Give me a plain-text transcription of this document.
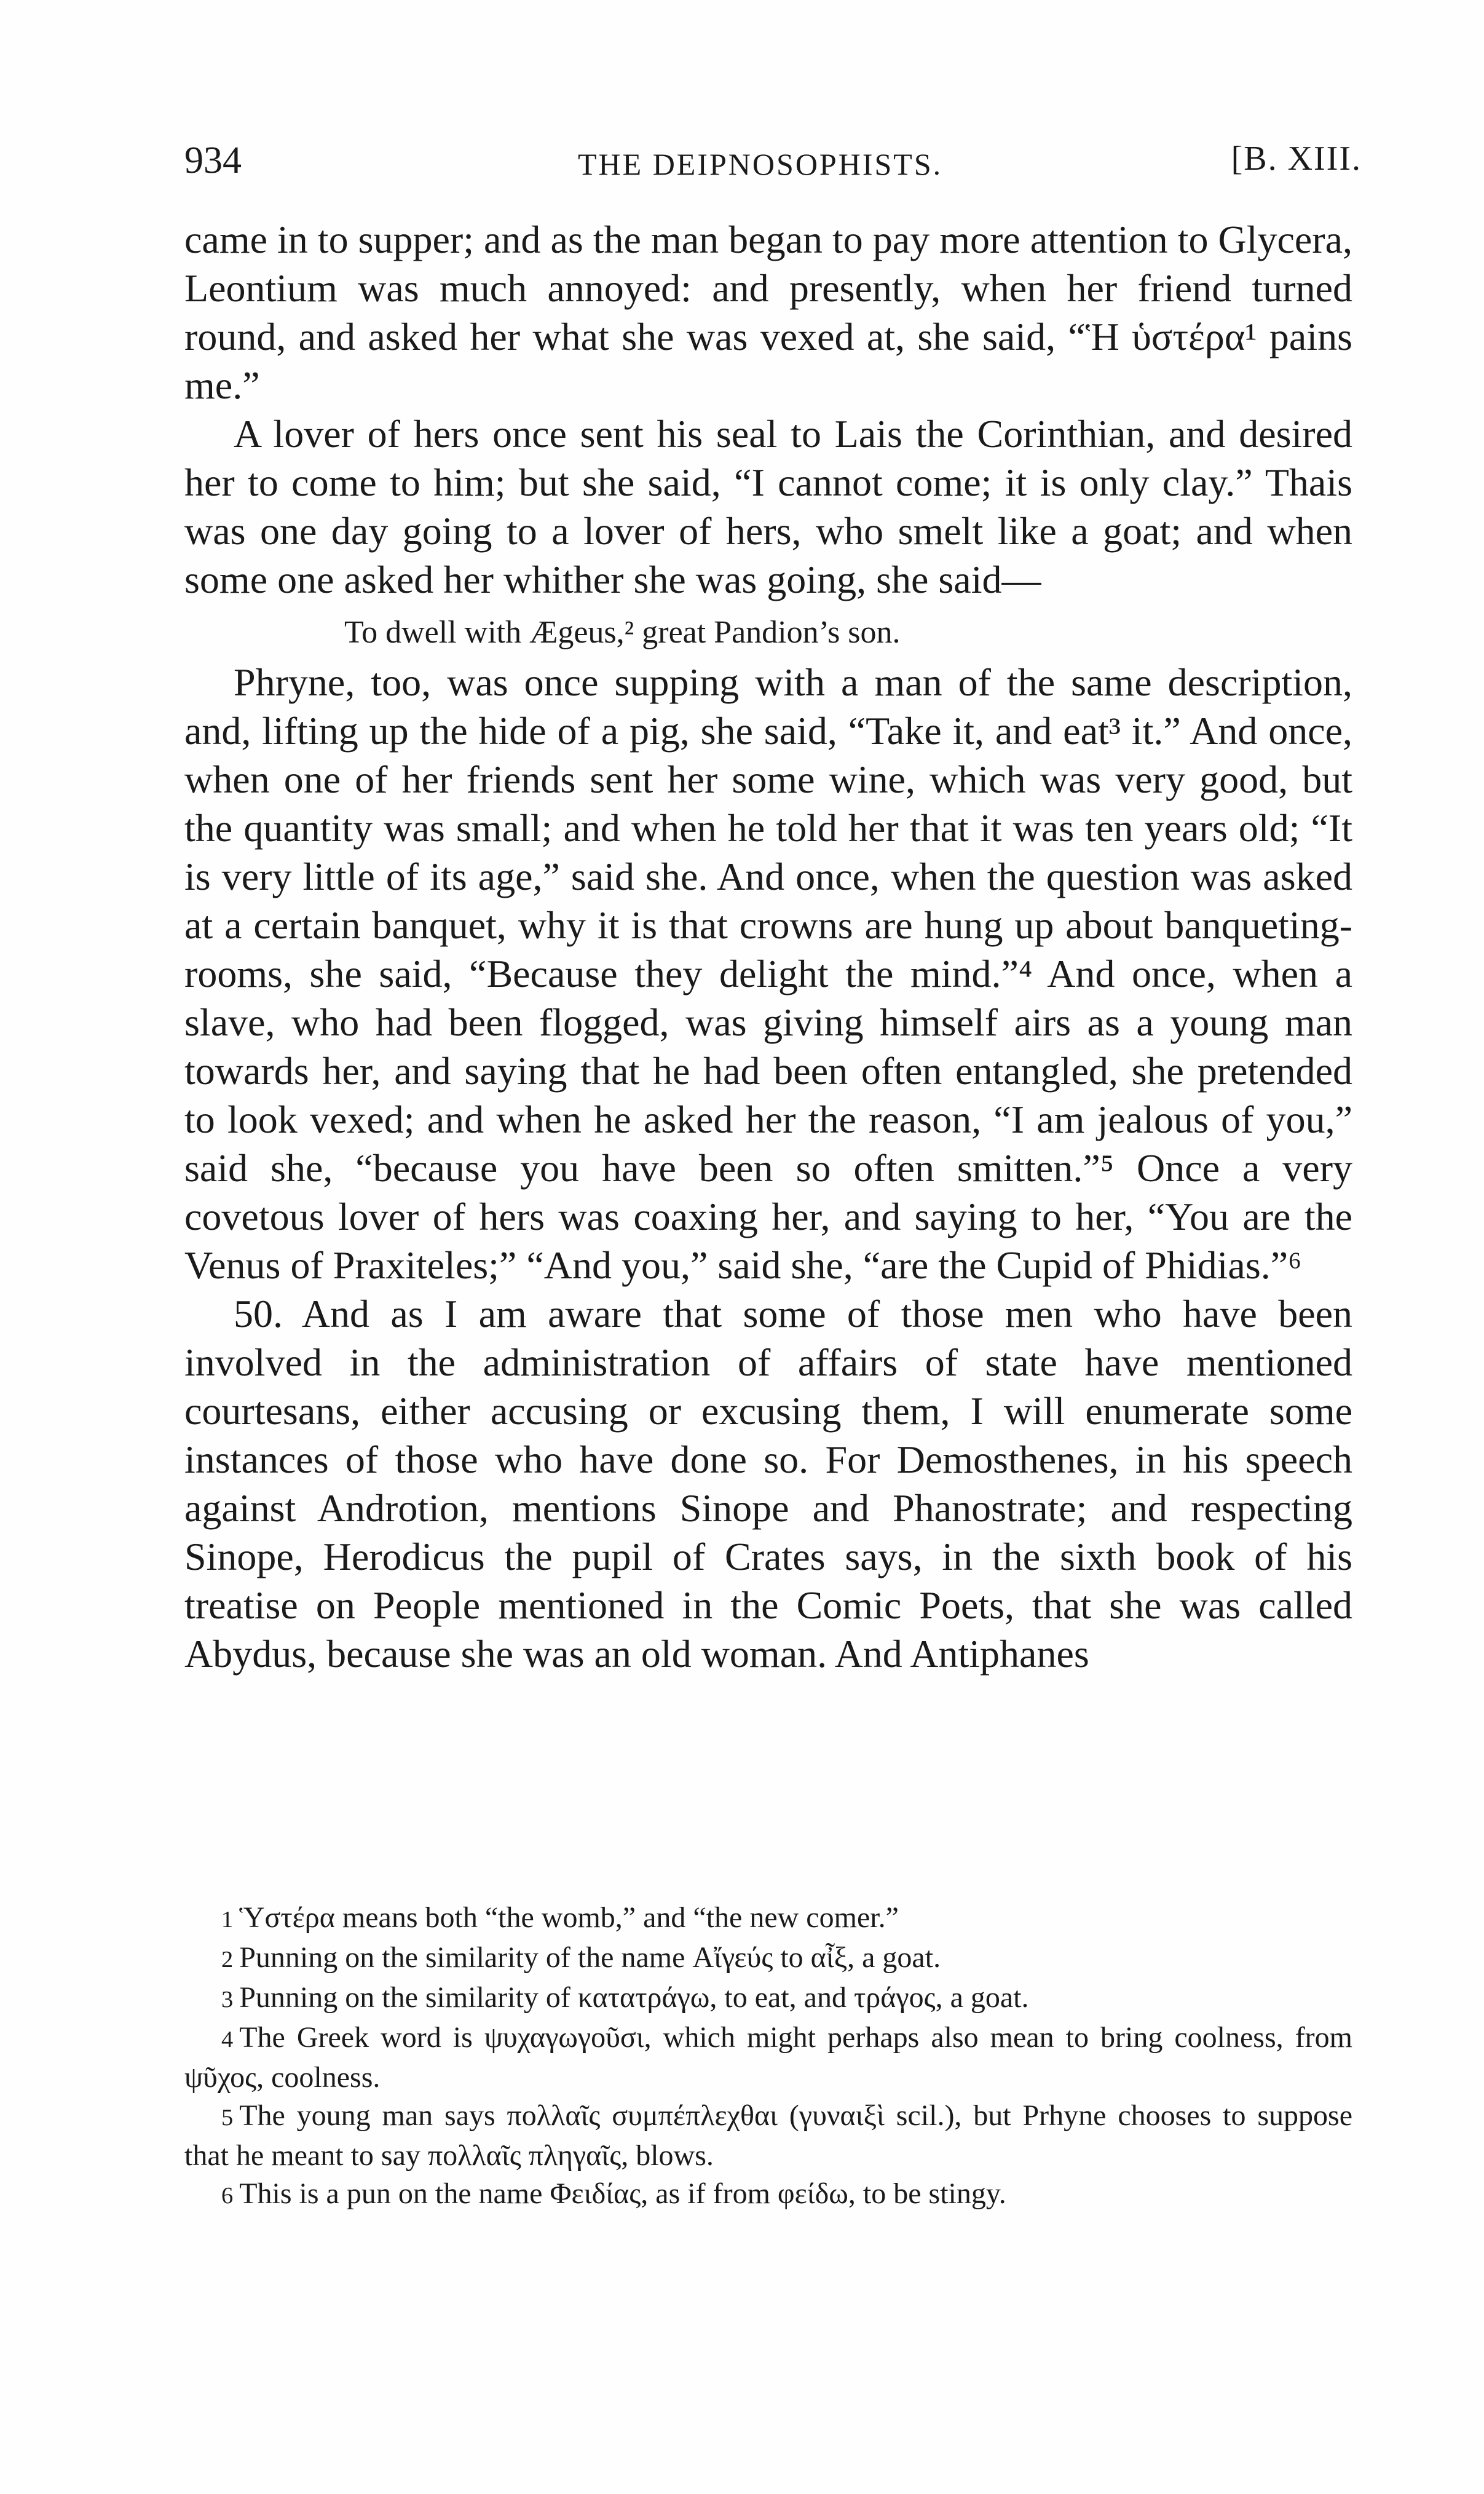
934	THE DEIPNOSOPHISTS.	[B. XIII.

came in to supper; and as the man began to pay more attention to Glycera, Leontium was much annoyed: and presently, when her friend turned round, and asked her what she was vexed at, she said, “Ἡ ὑστέρα¹ pains me.”

A lover of hers once sent his seal to Lais the Corinthian, and desired her to come to him; but she said, “I cannot come; it is only clay.” Thais was one day going to a lover of hers, who smelt like a goat; and when some one asked her whither she was going, she said—

To dwell with Ægeus,² great Pandion’s son.

Phryne, too, was once supping with a man of the same description, and, lifting up the hide of a pig, she said, “Take it, and eat³ it.” And once, when one of her friends sent her some wine, which was very good, but the quantity was small; and when he told her that it was ten years old; “It is very little of its age,” said she. And once, when the question was asked at a certain banquet, why it is that crowns are hung up about banqueting-rooms, she said, “Because they delight the mind.”⁴ And once, when a slave, who had been flogged, was giving himself airs as a young man towards her, and saying that he had been often entangled, she pretended to look vexed; and when he asked her the reason, “I am jealous of you,” said she, “because you have been so often smitten.”⁵ Once a very covetous lover of hers was coaxing her, and saying to her, “You are the Venus of Praxiteles;” “And you,” said she, “are the Cupid of Phidias.”⁶

50. And as I am aware that some of those men who have been involved in the administration of affairs of state have mentioned courtesans, either accusing or excusing them, I will enumerate some instances of those who have done so. For Demosthenes, in his speech against Androtion, mentions Sinope and Phanostrate; and respecting Sinope, Herodicus the pupil of Crates says, in the sixth book of his treatise on People mentioned in the Comic Poets, that she was called Abydus, because she was an old woman. And Antiphanes

1 Ὑστέρα means both “the womb,” and “the new comer.”

2 Punning on the similarity of the name Αἴγεύς to αἶξ, a goat.

3 Punning on the similarity of κατατράγω, to eat, and τράγος, a goat.

4 The Greek word is ψυχαγωγοῦσι, which might perhaps also mean to bring coolness, from ψῦχος, coolness.

5 The young man says πολλαῖς συμπέπλεχθαι (γυναιξὶ scil.), but Prhyne chooses to suppose that he meant to say πολλαῖς πληγαῖς, blows.

6 This is a pun on the name Φειδίας, as if from φείδω, to be stingy.
